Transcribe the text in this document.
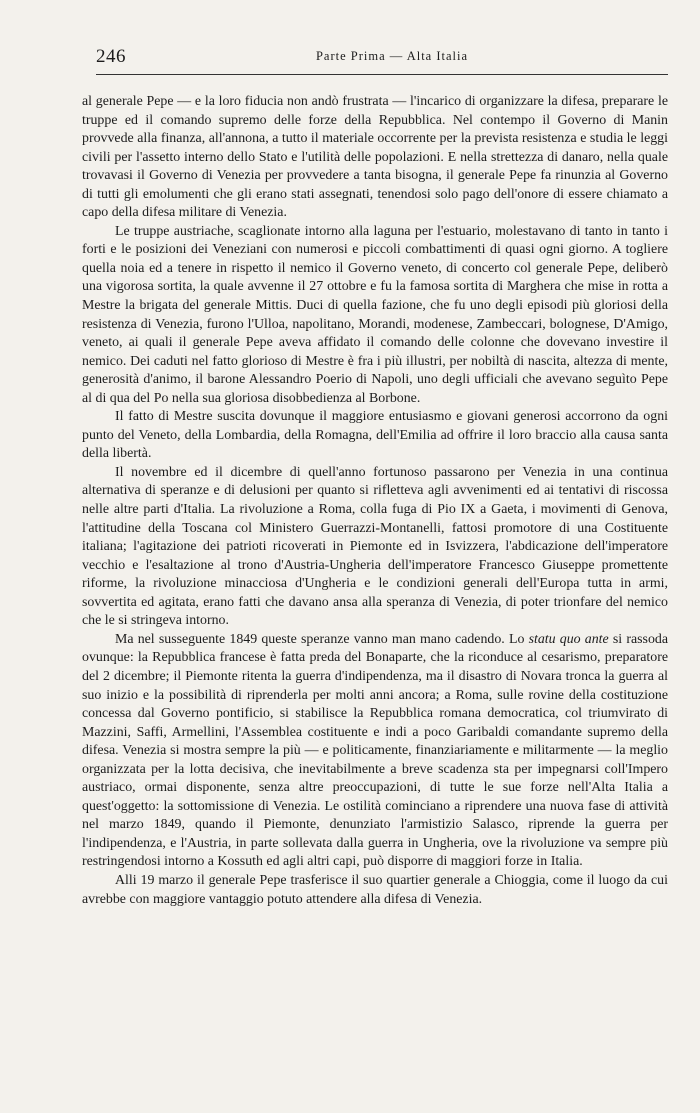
246	Parte Prima — Alta Italia

al generale Pepe — e la loro fiducia non andò frustrata — l'incarico di organizzare la difesa, preparare le truppe ed il comando supremo delle forze della Repubblica. Nel contempo il Governo di Manin provvede alla finanza, all'annona, a tutto il materiale occorrente per la prevista resistenza e studia le leggi civili per l'assetto interno dello Stato e l'utilità delle popolazioni. E nella strettezza di danaro, nella quale trovavasi il Governo di Venezia per provvedere a tanta bisogna, il generale Pepe fa rinunzia al Governo di tutti gli emolumenti che gli erano stati assegnati, tenendosi solo pago dell'onore di essere chiamato a capo della difesa militare di Venezia.

Le truppe austriache, scaglionate intorno alla laguna per l'estuario, molestavano di tanto in tanto i forti e le posizioni dei Veneziani con numerosi e piccoli combattimenti di quasi ogni giorno. A togliere quella noia ed a tenere in rispetto il nemico il Governo veneto, di concerto col generale Pepe, deliberò una vigorosa sortita, la quale avvenne il 27 ottobre e fu la famosa sortita di Marghera che mise in rotta a Mestre la brigata del generale Mittis. Duci di quella fazione, che fu uno degli episodi più gloriosi della resistenza di Venezia, furono l'Ulloa, napolitano, Morandi, modenese, Zambeccari, bolognese, D'Amigo, veneto, ai quali il generale Pepe aveva affidato il comando delle colonne che dovevano investire il nemico. Dei caduti nel fatto glorioso di Mestre è fra i più illustri, per nobiltà di nascita, altezza di mente, generosità d'animo, il barone Alessandro Poerio di Napoli, uno degli ufficiali che avevano seguìto Pepe al di qua del Po nella sua gloriosa disobbedienza al Borbone.

Il fatto di Mestre suscita dovunque il maggiore entusiasmo e giovani generosi accorrono da ogni punto del Veneto, della Lombardia, della Romagna, dell'Emilia ad offrire il loro braccio alla causa santa della libertà.

Il novembre ed il dicembre di quell'anno fortunoso passarono per Venezia in una continua alternativa di speranze e di delusioni per quanto si rifletteva agli avvenimenti ed ai tentativi di riscossa nelle altre parti d'Italia. La rivoluzione a Roma, colla fuga di Pio IX a Gaeta, i movimenti di Genova, l'attitudine della Toscana col Ministero Guerrazzi-Montanelli, fattosi promotore di una Costituente italiana; l'agitazione dei patrioti ricoverati in Piemonte ed in Isvizzera, l'abdicazione dell'imperatore vecchio e l'esaltazione al trono d'Austria-Ungheria dell'imperatore Francesco Giuseppe promettente riforme, la rivoluzione minacciosa d'Ungheria e le condizioni generali dell'Europa tutta in armi, sovvertita ed agitata, erano fatti che davano ansa alla speranza di Venezia, di poter trionfare del nemico che le si stringeva intorno.

Ma nel susseguente 1849 queste speranze vanno man mano cadendo. Lo statu quo ante si rassoda ovunque: la Repubblica francese è fatta preda del Bonaparte, che la riconduce al cesarismo, preparatore del 2 dicembre; il Piemonte ritenta la guerra d'indipendenza, ma il disastro di Novara tronca la guerra al suo inizio e la possibilità di riprenderla per molti anni ancora; a Roma, sulle rovine della costituzione concessa dal Governo pontificio, si stabilisce la Repubblica romana democratica, col triumvirato di Mazzini, Saffi, Armellini, l'Assemblea costituente e indi a poco Garibaldi comandante supremo della difesa. Venezia si mostra sempre la più — e politicamente, finanziariamente e militarmente — la meglio organizzata per la lotta decisiva, che inevitabilmente a breve scadenza sta per impegnarsi coll'Impero austriaco, ormai disponente, senza altre preoccupazioni, di tutte le sue forze nell'Alta Italia a quest'oggetto: la sottomissione di Venezia. Le ostilità cominciano a riprendere una nuova fase di attività nel marzo 1849, quando il Piemonte, denunziato l'armistizio Salasco, riprende la guerra per l'indipendenza, e l'Austria, in parte sollevata dalla guerra in Ungheria, ove la rivoluzione va sempre più restringendosi intorno a Kossuth ed agli altri capi, può disporre di maggiori forze in Italia.

Alli 19 marzo il generale Pepe trasferisce il suo quartier generale a Chioggia, come il luogo da cui avrebbe con maggiore vantaggio potuto attendere alla difesa di Venezia.
